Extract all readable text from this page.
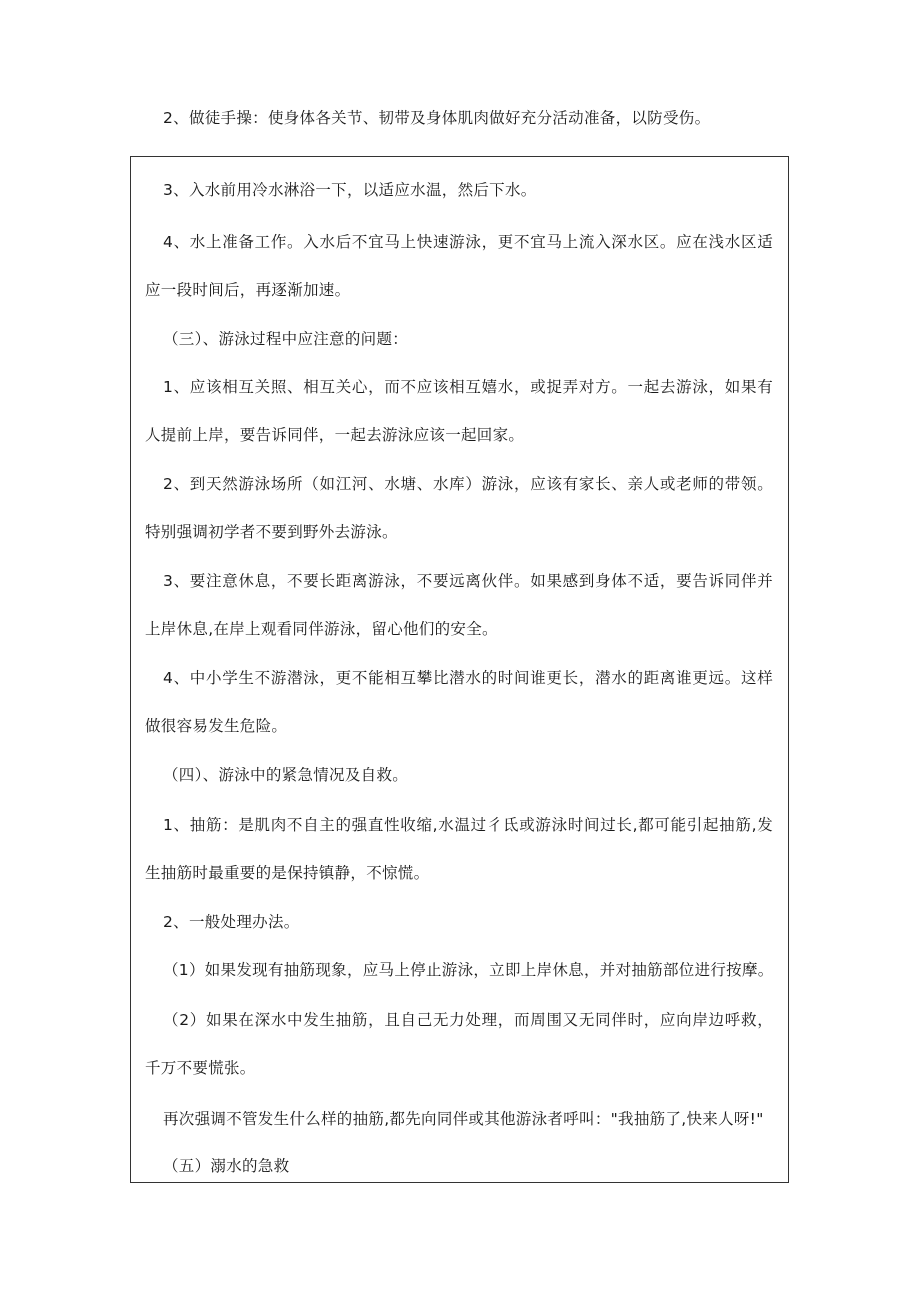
2、做徒手操：使身体各关节、韧带及身体肌肉做好充分活动准备，以防受伤。

3、入水前用冷水淋浴一下，以适应水温，然后下水。

4、水上准备工作。入水后不宜马上快速游泳，更不宜马上流入深水区。应在浅水区适应一段时间后，再逐渐加速。

（三）、游泳过程中应注意的问题：

1、应该相互关照、相互关心，而不应该相互嬉水，或捉弄对方。一起去游泳，如果有人提前上岸，要告诉同伴，一起去游泳应该一起回家。

2、到天然游泳场所（如江河、水塘、水库）游泳，应该有家长、亲人或老师的带领。特别强调初学者不要到野外去游泳。

3、要注意休息，不要长距离游泳，不要远离伙伴。如果感到身体不适，要告诉同伴并上岸休息,在岸上观看同伴游泳，留心他们的安全。

4、中小学生不游潜泳，更不能相互攀比潜水的时间谁更长，潜水的距离谁更远。这样做很容易发生危险。

（四）、游泳中的紧急情况及自救。

1、抽筋：是肌肉不自主的强直性收缩,水温过彳氐或游泳时间过长,都可能引起抽筋,发生抽筋时最重要的是保持镇静，不惊慌。

2、一般处理办法。

（1）如果发现有抽筋现象，应马上停止游泳，立即上岸休息，并对抽筋部位进行按摩。

（2）如果在深水中发生抽筋，且自己无力处理，而周围又无同伴时，应向岸边呼救，千万不要慌张。

再次强调不管发生什么样的抽筋,都先向同伴或其他游泳者呼叫："我抽筋了,快来人呀!"

（五）溺水的急救
